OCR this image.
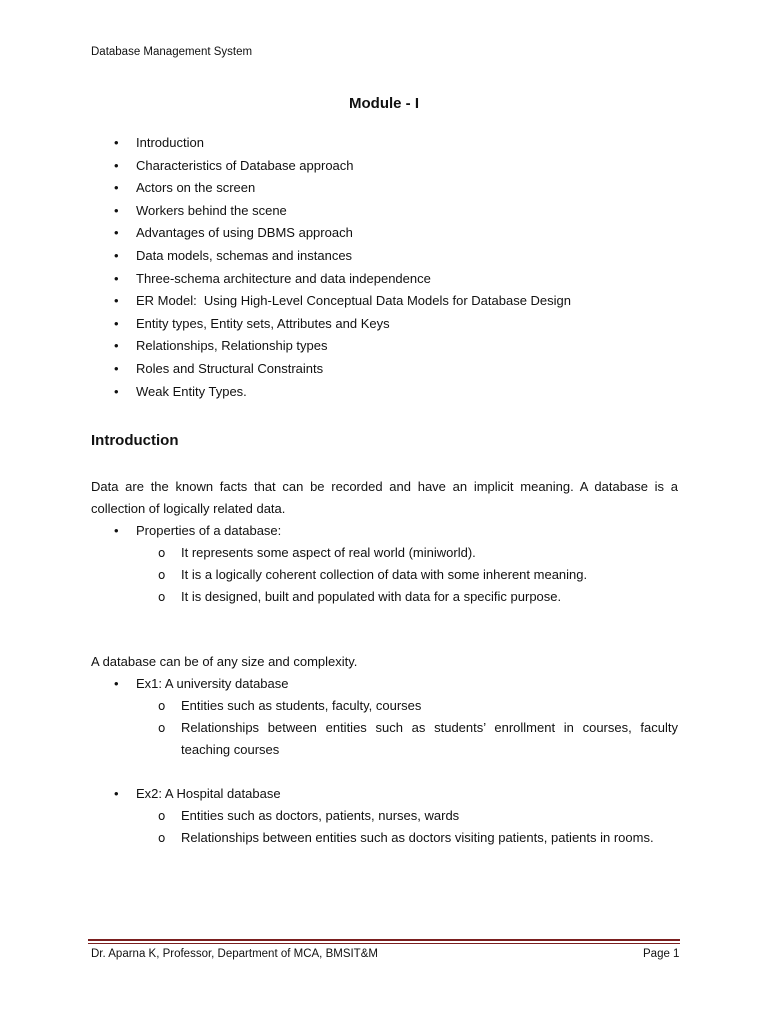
Database Management System
Module - I
• Introduction
• Characteristics of Database approach
• Actors on the screen
• Workers behind the scene
• Advantages of using DBMS approach
• Data models, schemas and instances
• Three-schema architecture and data independence
• ER Model:  Using High-Level Conceptual Data Models for Database Design
• Entity types, Entity sets, Attributes and Keys
• Relationships, Relationship types
• Roles and Structural Constraints
• Weak Entity Types.
Introduction
Data are the known facts that can be recorded and have an implicit meaning. A database is a collection of logically related data.
• Properties of a database:
o It represents some aspect of real world (miniworld).
o It is a logically coherent collection of data with some inherent meaning.
o It is designed, built and populated with data for a specific purpose.
A database can be of any size and complexity.
• Ex1: A university database
o Entities such as students, faculty, courses
o Relationships between entities such as students’ enrollment in courses, faculty teaching courses
• Ex2: A Hospital database
o Entities such as doctors, patients, nurses, wards
o Relationships between entities such as doctors visiting patients, patients in rooms.
Dr. Aparna K, Professor, Department of MCA, BMSIT&M	Page 1
